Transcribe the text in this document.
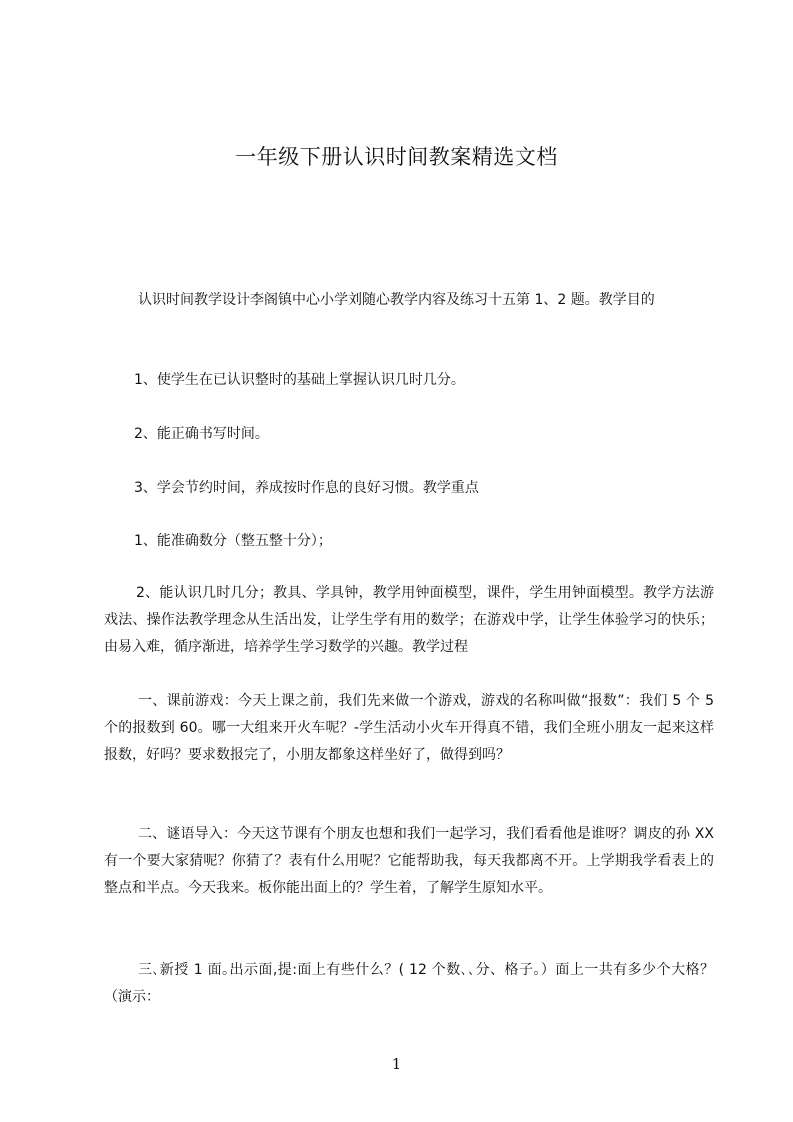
一年级下册认识时间教案精选文档
认识时间教学设计李阁镇中心小学刘随心教学内容及练习十五第 1、2 题。教学目的
1、使学生在已认识整时的基础上掌握认识几时几分。
2、能正确书写时间。
3、学会节约时间，养成按时作息的良好习惯。教学重点
1、能准确数分（整五整十分）；
2、能认识几时几分；教具、学具钟，教学用钟面模型，课件，学生用钟面模型。教学方法游戏法、操作法教学理念从生活出发，让学生学有用的数学；在游戏中学，让学生体验学习的快乐；由易入难，循序渐进，培养学生学习数学的兴趣。教学过程
一、课前游戏：今天上课之前，我们先来做一个游戏，游戏的名称叫做“报数”：我们 5 个 5 个的报数到 60。哪一大组来开火车呢？-学生活动小火车开得真不错，我们全班小朋友一起来这样报数，好吗？要求数报完了，小朋友都象这样坐好了，做得到吗？
二、谜语导入：今天这节课有个朋友也想和我们一起学习，我们看看他是谁呀？调皮的孙 XX 有一个要大家猜呢？你猜了？表有什么用呢？它能帮助我，每天我都离不开。上学期我学看表上的整点和半点。今天我来。板你能出面上的？学生着，了解学生原知水平。
三､新授 1 面｡出示面,提:面上有些什么？( 12 个数､､分、格子｡）面上一共有多少个大格？（演示：
1
